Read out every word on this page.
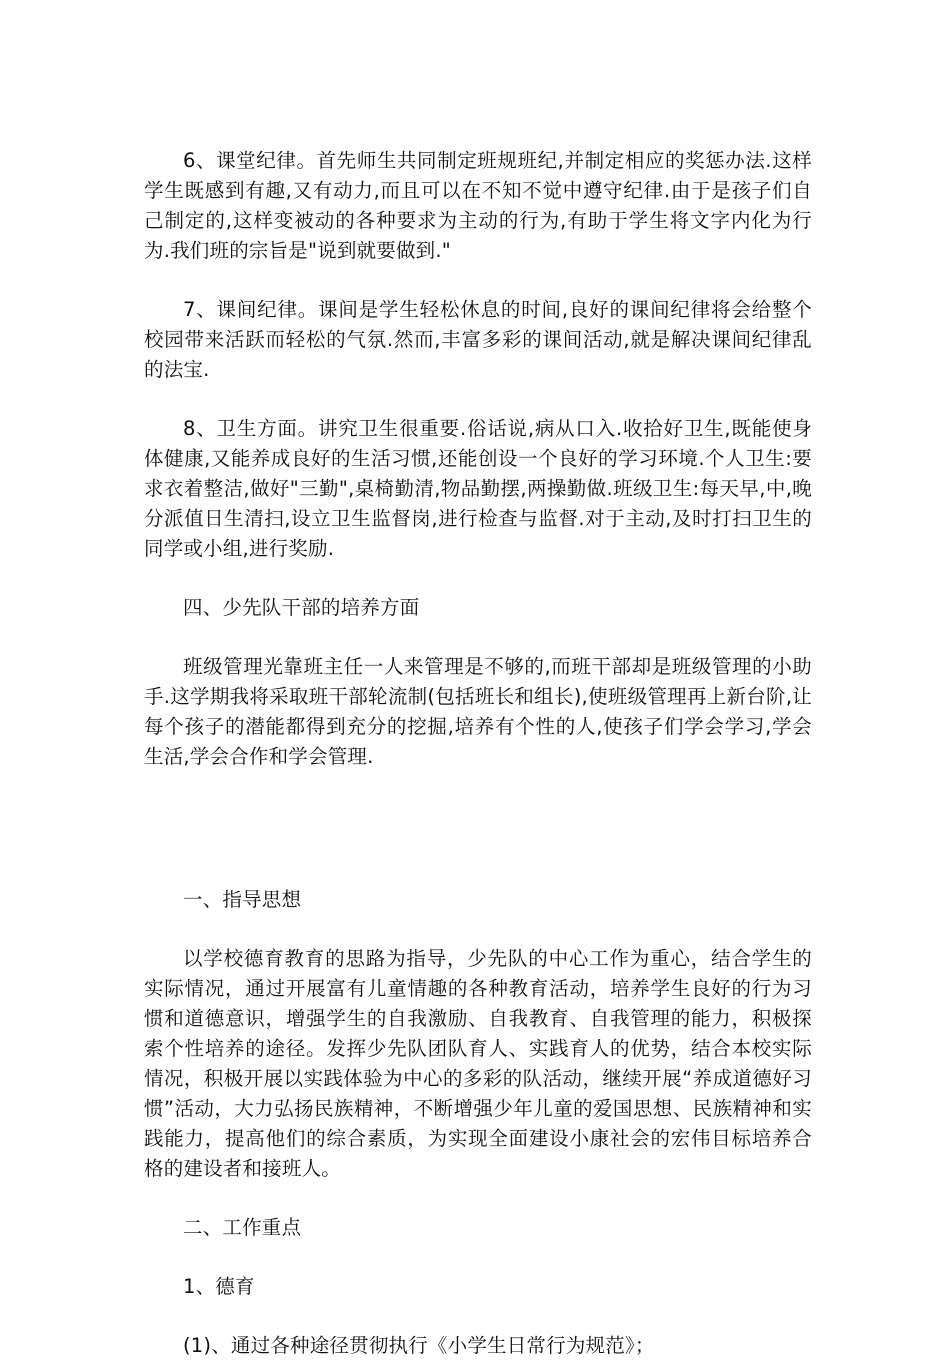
6、课堂纪律。首先师生共同制定班规班纪,并制定相应的奖惩办法.这样学生既感到有趣,又有动力,而且可以在不知不觉中遵守纪律.由于是孩子们自己制定的,这样变被动的各种要求为主动的行为,有助于学生将文字内化为行为.我们班的宗旨是"说到就要做到."

7、课间纪律。课间是学生轻松休息的时间,良好的课间纪律将会给整个校园带来活跃而轻松的气氛.然而,丰富多彩的课间活动,就是解决课间纪律乱的法宝.

8、卫生方面。讲究卫生很重要.俗话说,病从口入.收拾好卫生,既能使身体健康,又能养成良好的生活习惯,还能创设一个良好的学习环境.个人卫生:要求衣着整洁,做好"三勤",桌椅勤清,物品勤摆,两操勤做.班级卫生:每天早,中,晚分派值日生清扫,设立卫生监督岗,进行检查与监督.对于主动,及时打扫卫生的同学或小组,进行奖励.

四、少先队干部的培养方面

班级管理光靠班主任一人来管理是不够的,而班干部却是班级管理的小助手.这学期我将采取班干部轮流制(包括班长和组长),使班级管理再上新台阶,让每个孩子的潜能都得到充分的挖掘,培养有个性的人,使孩子们学会学习,学会生活,学会合作和学会管理.

一、指导思想

以学校德育教育的思路为指导，少先队的中心工作为重心，结合学生的实际情况，通过开展富有儿童情趣的各种教育活动，培养学生良好的行为习惯和道德意识，增强学生的自我激励、自我教育、自我管理的能力，积极探索个性培养的途径。发挥少先队团队育人、实践育人的优势，结合本校实际情况，积极开展以实践体验为中心的多彩的队活动，继续开展“养成道德好习惯”活动，大力弘扬民族精神，不断增强少年儿童的爱国思想、民族精神和实践能力，提高他们的综合素质，为实现全面建设小康社会的宏伟目标培养合格的建设者和接班人。

二、工作重点

1、德育

(1)、通过各种途径贯彻执行《小学生日常行为规范》；
